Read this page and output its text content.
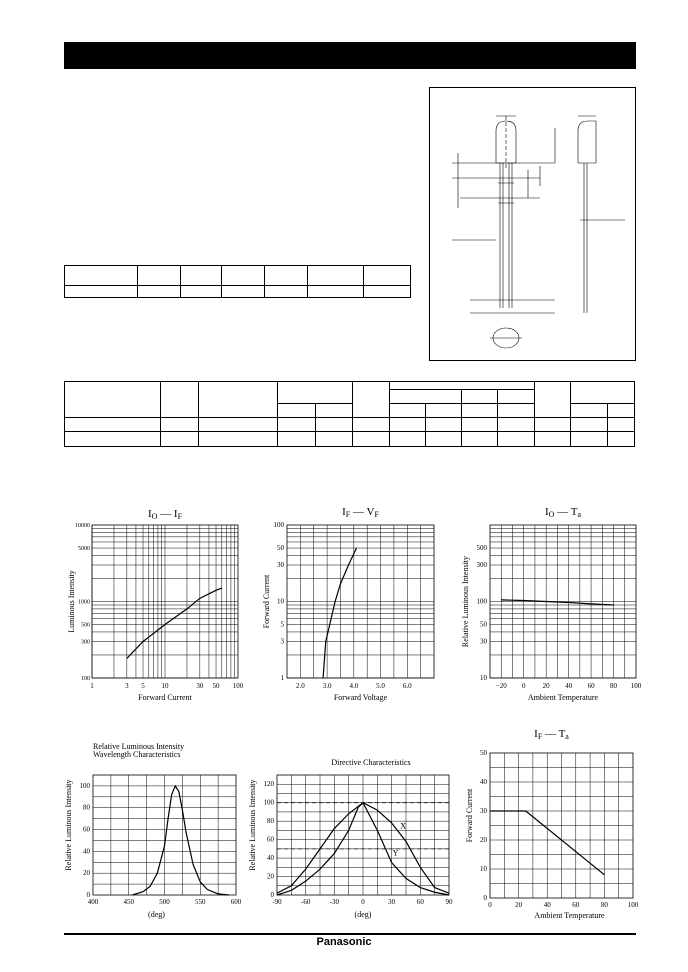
IO — IF
1	3 5 10	30 50 100
10000
5000
1000
500
300
100
Forward Current
Luminous Intensity
IF — VF
2.0	3.0	4.0	5.0	6.0
100
50
30
10
5
3
1
Forward Voltage
Forward Current
IO — Ta
−20 0 20 40 60 80 100
500
300
100
50
30
10
Ambient Temperature
Relative Luminous Intensity
Relative Luminous Intensity
Wavelength Characteristics
400	450	500	550	600
100
80
60
40
20
0
(deg)
Relative Luminous Intensity
Directive Characteristics
-90	-60	-30	0	30	60	90
120
100
80
60
40
20
0
(deg)
Relative Luminous Intensity	X
Y
IF — Ta
0	20	40	60	80	100
50
40
30
20
10
0
Ambient Temperature
Forward Current
Panasonic
